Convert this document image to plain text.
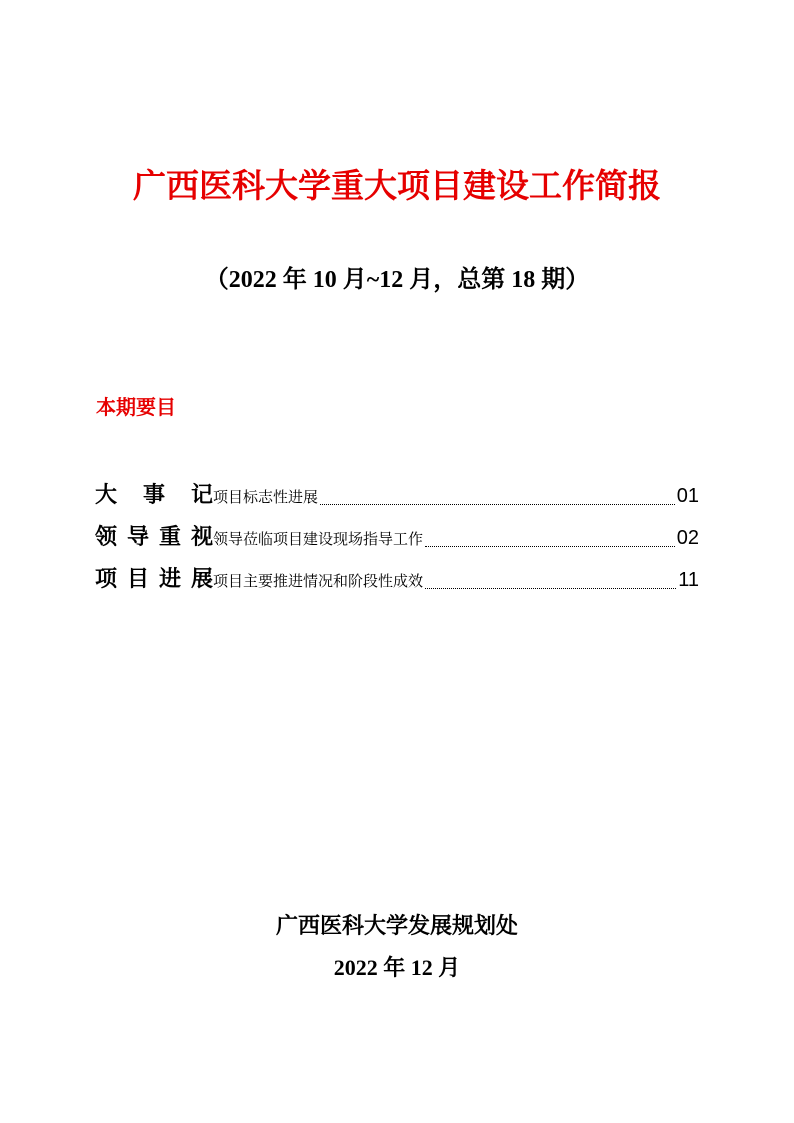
广西医科大学重大项目建设工作简报
（2022 年 10 月~12 月，总第 18 期）
本期要目
大 事 记 项目标志性进展	01
领 导 重 视 领导莅临项目建设现场指导工作	02
项 目 进 展 项目主要推进情况和阶段性成效	11
广西医科大学发展规划处
2022 年 12 月
